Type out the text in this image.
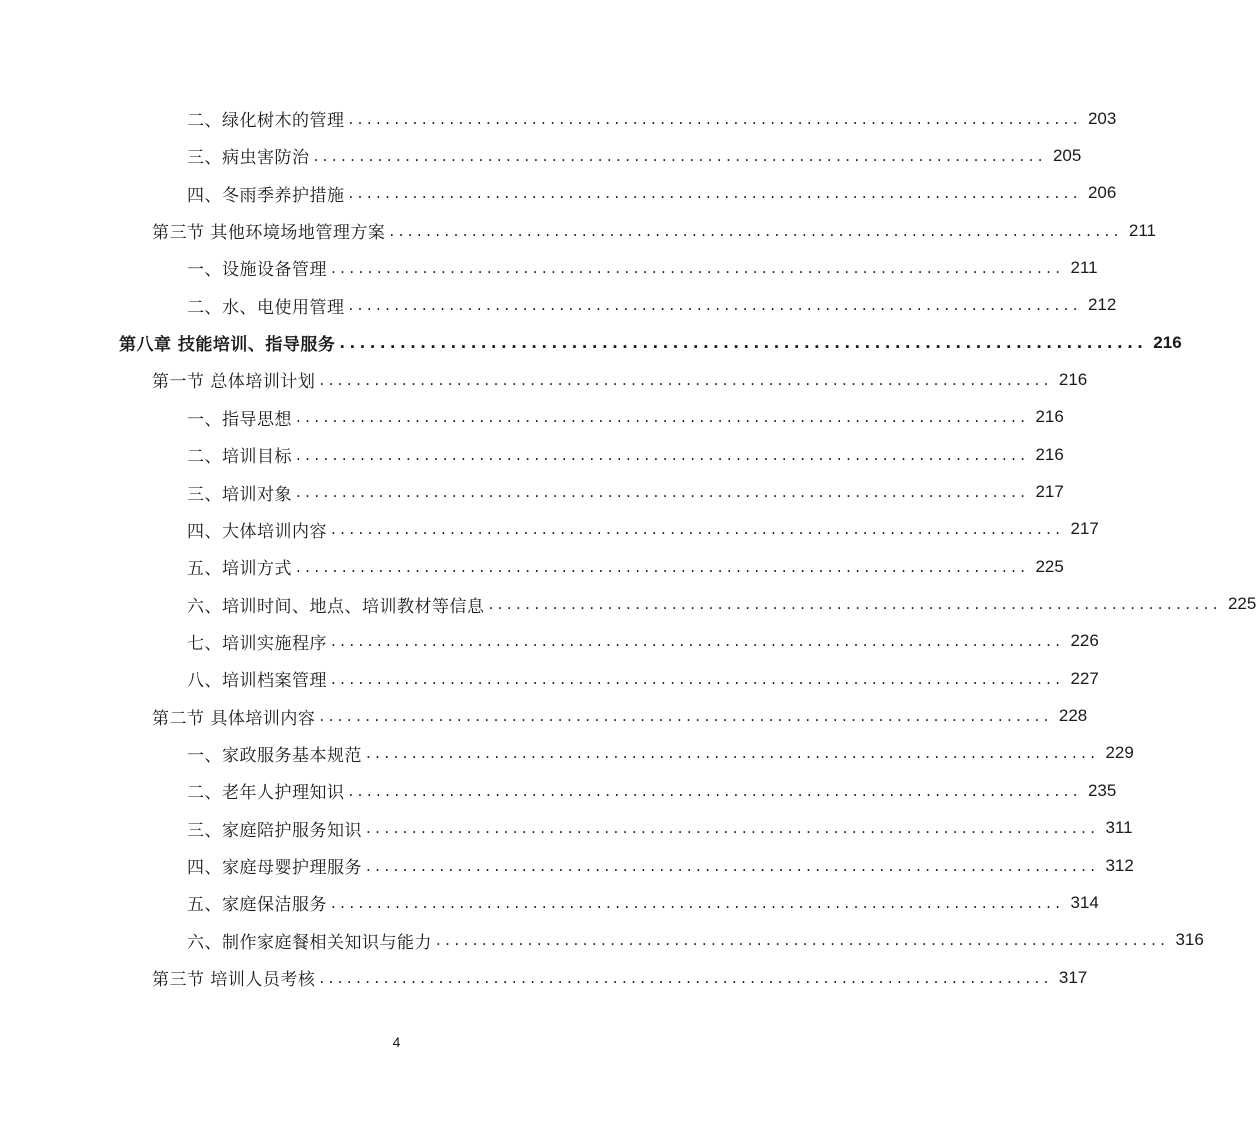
二、绿化树木的管理 ................................................................................ 203
三、病虫害防治 ................................................................................ 205
四、冬雨季养护措施 ................................................................................ 206
第三节 其他环境场地管理方案 ................................................................................ 211
一、设施设备管理 ................................................................................ 211
二、水、电使用管理 ................................................................................ 212
第八章 技能培训、指导服务 ................................................................................ 216
第一节 总体培训计划 ................................................................................ 216
一、指导思想 ................................................................................ 216
二、培训目标 ................................................................................ 216
三、培训对象 ................................................................................ 217
四、大体培训内容 ................................................................................ 217
五、培训方式 ................................................................................ 225
六、培训时间、地点、培训教材等信息 ................................................................................ 225
七、培训实施程序 ................................................................................ 226
八、培训档案管理 ................................................................................ 227
第二节 具体培训内容 ................................................................................ 228
一、家政服务基本规范 ................................................................................ 229
二、老年人护理知识 ................................................................................ 235
三、家庭陪护服务知识 ................................................................................ 311
四、家庭母婴护理服务 ................................................................................ 312
五、家庭保洁服务 ................................................................................ 314
六、制作家庭餐相关知识与能力 ................................................................................ 316
第三节 培训人员考核 ................................................................................ 317
4
